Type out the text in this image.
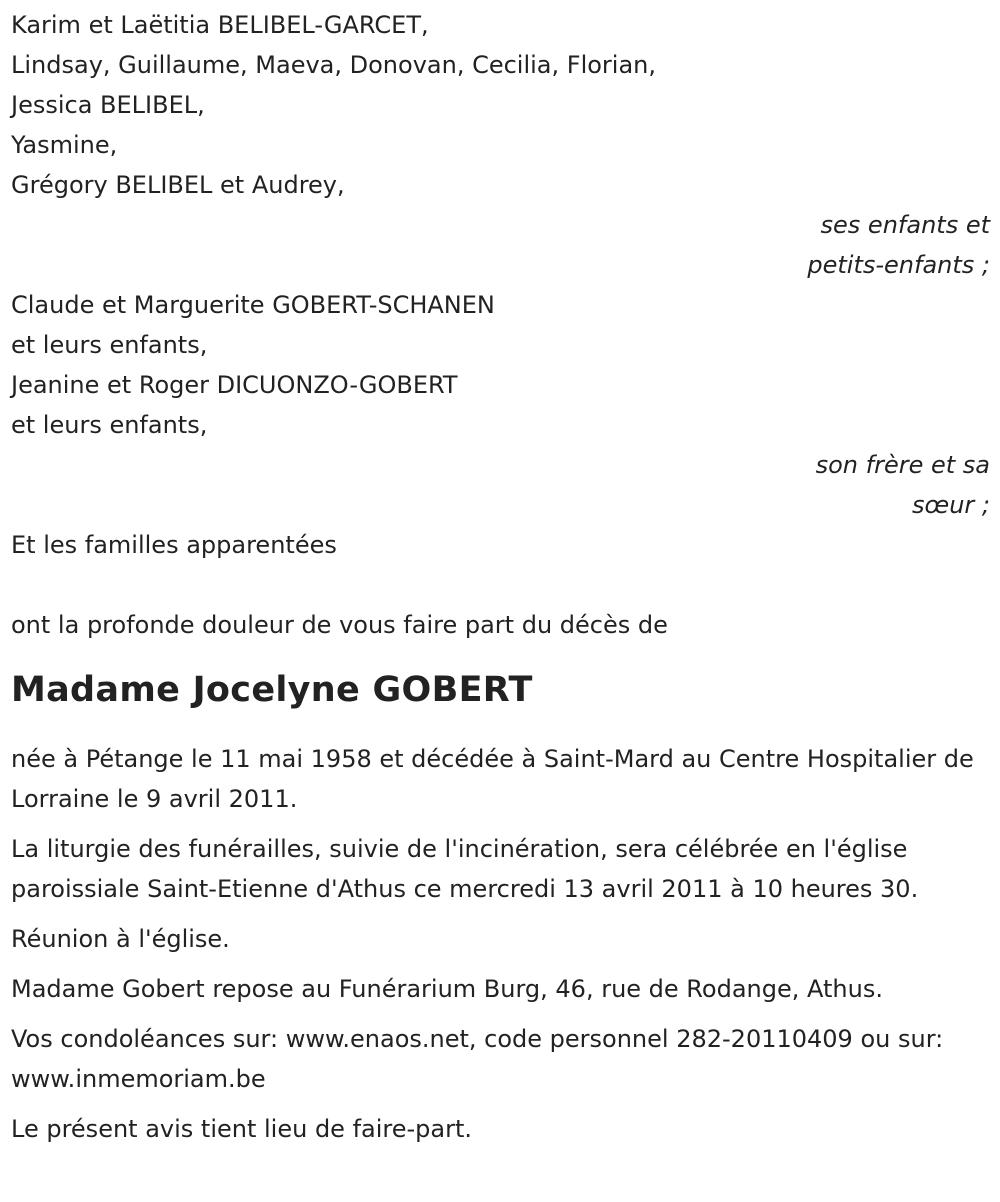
Karim et Laëtitia BELIBEL-GARCET,
Lindsay, Guillaume, Maeva, Donovan, Cecilia, Florian,
Jessica BELIBEL,
Yasmine,
Grégory BELIBEL et Audrey,
ses enfants et
petits-enfants ;
Claude et Marguerite GOBERT-SCHANEN
et leurs enfants,
Jeanine et Roger DICUONZO-GOBERT
et leurs enfants,
son frère et sa
sœur ;
Et les familles apparentées
ont la profonde douleur de vous faire part du décès de
Madame Jocelyne GOBERT
née à Pétange le 11 mai 1958 et décédée à Saint-Mard au Centre Hospitalier de Lorraine le 9 avril 2011.
La liturgie des funérailles, suivie de l'incinération, sera célébrée en l'église paroissiale Saint-Etienne d'Athus ce mercredi 13 avril 2011 à 10 heures 30.
Réunion à l'église.
Madame Gobert repose au Funérarium Burg, 46, rue de Rodange, Athus.
Vos condoléances sur: www.enaos.net, code personnel 282-20110409 ou sur: www.inmemoriam.be
Le présent avis tient lieu de faire-part.
